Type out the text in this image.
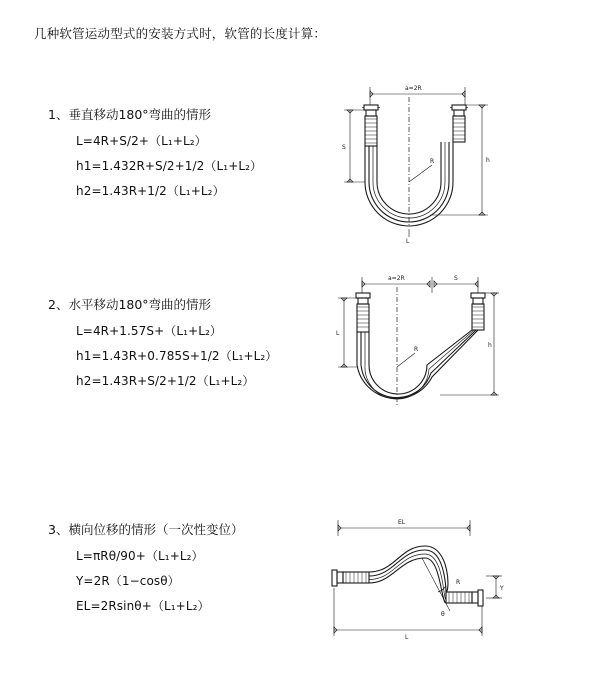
几种软管运动型式的安装方式时，软管的长度计算：
1、垂直移动180°弯曲的情形
L=4R+S/2+（L₁+L₂）
h1=1.432R+S/2+1/2（L₁+L₂）
h2=1.43R+1/2（L₁+L₂）
a=2R
R	h
S
L
2、水平移动180°弯曲的情形
L=4R+1.57S+（L₁+L₂）
h1=1.43R+0.785S+1/2（L₁+L₂）
h2=1.43R+S/2+1/2（L₁+L₂）
a=2R	S
R
L
h
3、横向位移的情形（一次性变位）
L=πRθ/90+（L₁+L₂）
Y=2R（1−cosθ）
EL=2Rsinθ+（L₁+L₂）
EL
θ
R
Y
L
